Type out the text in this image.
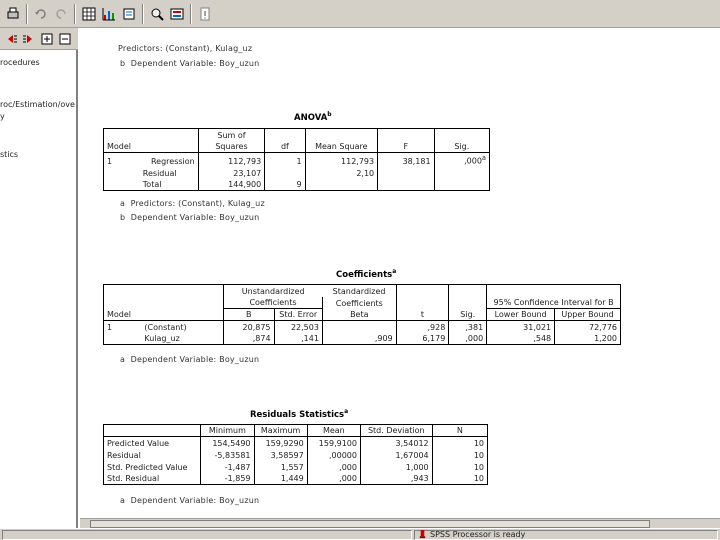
rocedures
roc/Estimation/ove
y
stics
Predictors: (Constant), Kulag_uz
b Dependent Variable: Boy_uzun
ANOVA$^b$
		Sum of				
Model		Squares	df	Mean Square	F	Sig.
1	Regression	112,793	1	112,793	38,181	,000$^a$
	Residual	23,107		2,10		
	Total	144,900	9			
a Predictors: (Constant), Kulag_uz
b Dependent Variable: Boy_uzun
Coefficients$^a$
		Unstandardized		Standardized				
		Coefficients		Coefficients			95% Confidence Interval for B	
Model		B	Std. Error	Beta	t	Sig.	Lower Bound	Upper Bound
1	(Constant)	20,875	22,503		,928	,381	31,021	72,776
	Kulag_uz	,874	,141	,909	6,179	,000	,548	1,200
a Dependent Variable: Boy_uzun
Residuals Statistics$^a$
	Minimum	Maximum	Mean	Std. Deviation	N
Predicted Value	154,5490	159,9290	159,9100	3,54012	10
Residual	-5,83581	3,58597	,00000	1,67004	10
Std. Predicted Value	-1,487	1,557	,000	1,000	10
Std. Residual	-1,859	1,449	,000	,943	10
a Dependent Variable: Boy_uzun
SPSS Processor is ready
